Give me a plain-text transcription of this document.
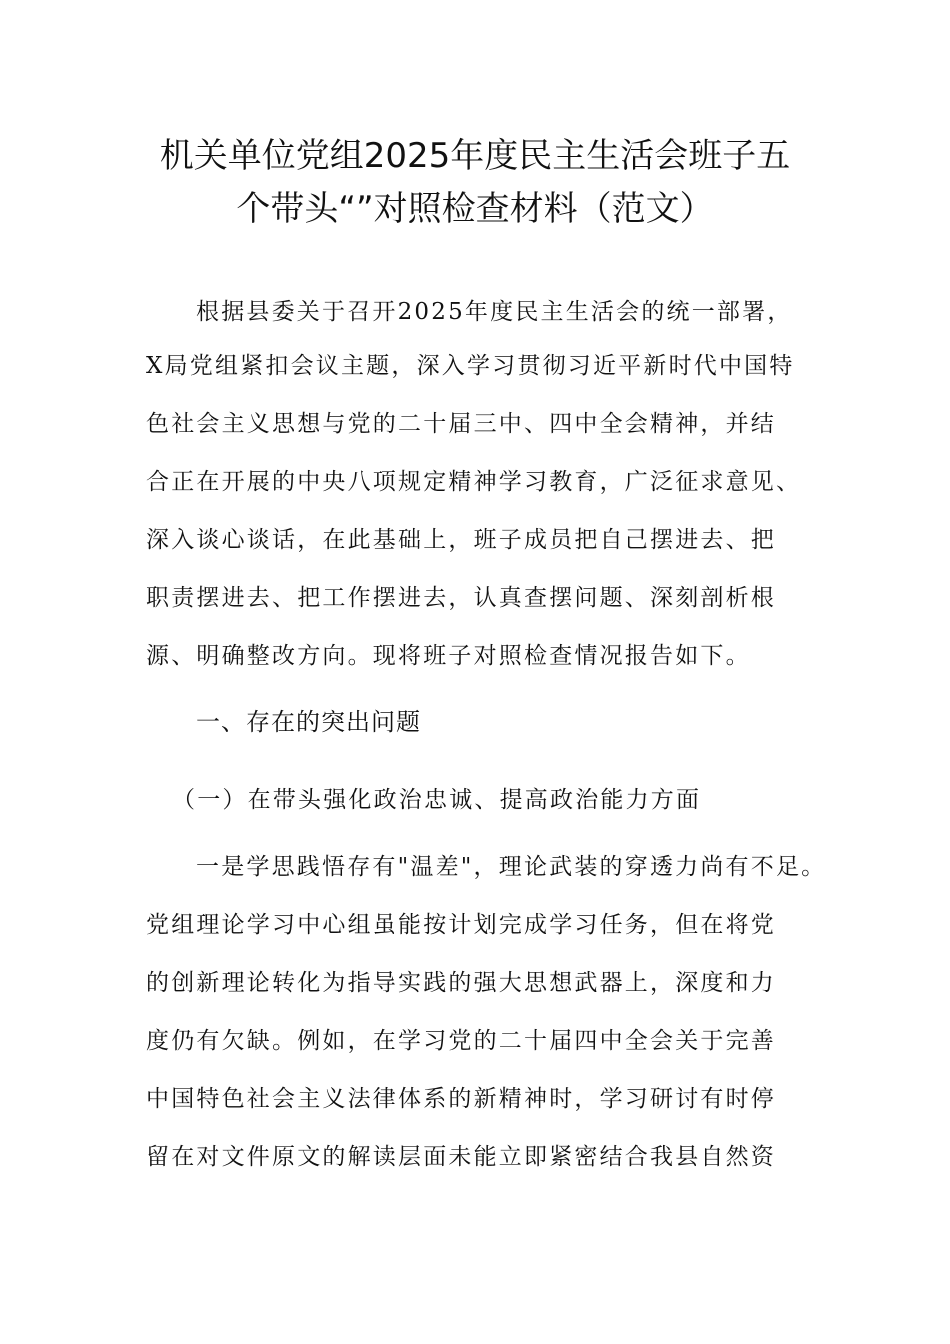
机关单位党组2025年度民主生活会班子五
个带头“”对照检查材料（范文）
根据县委关于召开2025年度民主生活会的统一部署，
X局党组紧扣会议主题，深入学习贯彻习近平新时代中国特
色社会主义思想与党的二十届三中、四中全会精神，并结
合正在开展的中央八项规定精神学习教育，广泛征求意见、
深入谈心谈话，在此基础上，班子成员把自己摆进去、把
职责摆进去、把工作摆进去，认真查摆问题、深刻剖析根
源、明确整改方向。现将班子对照检查情况报告如下。
一、存在的突出问题
（一）在带头强化政治忠诚、提高政治能力方面
一是学思践悟存有"温差"，理论武装的穿透力尚有不足。
党组理论学习中心组虽能按计划完成学习任务，但在将党
的创新理论转化为指导实践的强大思想武器上，深度和力
度仍有欠缺。例如，在学习党的二十届四中全会关于完善
中国特色社会主义法律体系的新精神时，学习研讨有时停
留在对文件原文的解读层面未能立即紧密结合我县自然资
